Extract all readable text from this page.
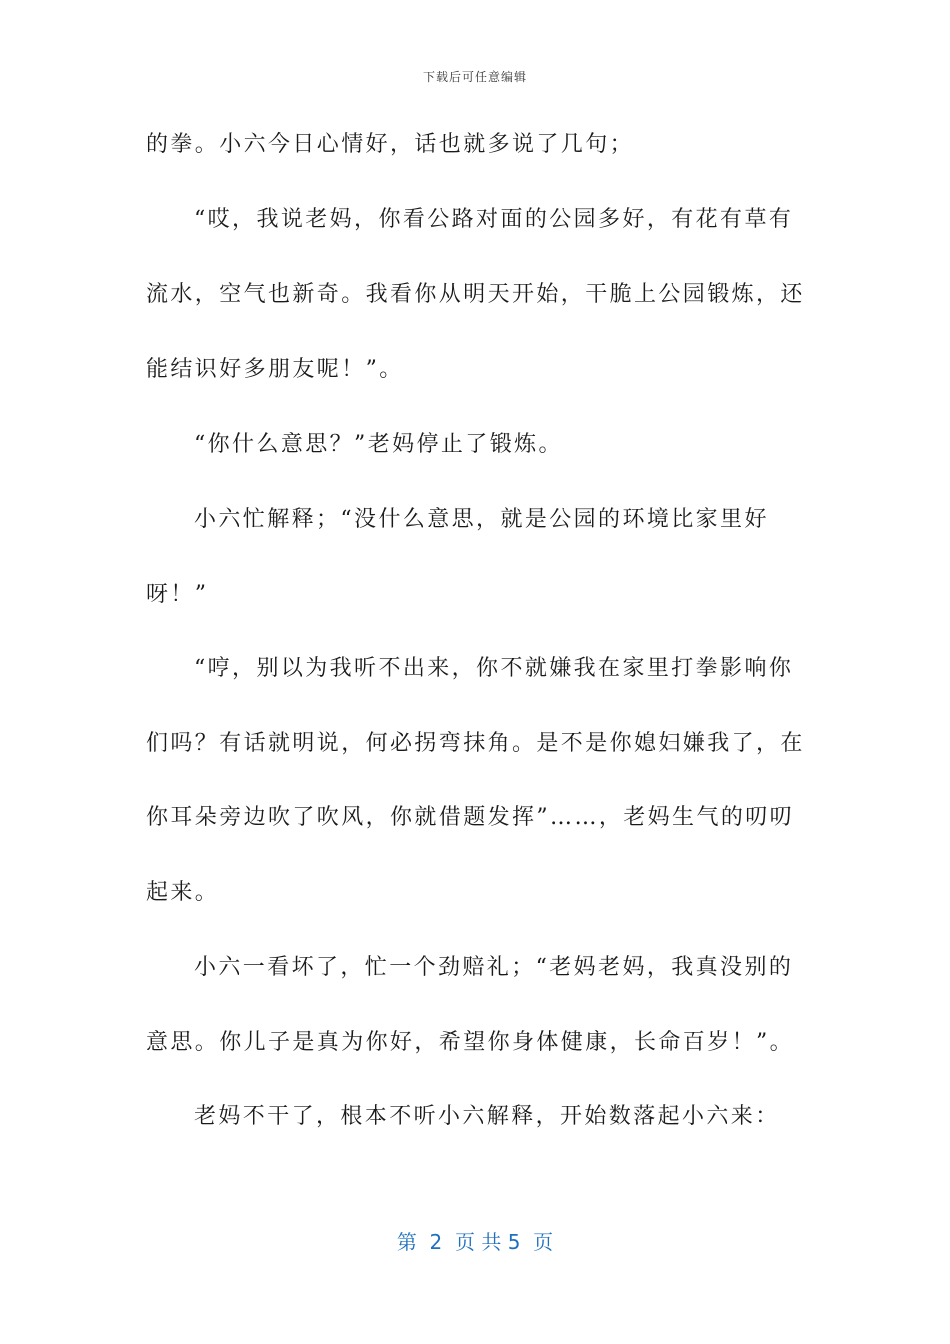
下载后可任意编辑
的拳。小六今日心情好，话也就多说了几句；
“哎，我说老妈，你看公路对面的公园多好，有花有草有
流水，空气也新奇。我看你从明天开始，干脆上公园锻炼，还
能结识好多朋友呢！”。
“你什么意思？”老妈停止了锻炼。
小六忙解释；“没什么意思，就是公园的环境比家里好
呀！”
“哼，别以为我听不出来，你不就嫌我在家里打拳影响你
们吗？有话就明说，何必拐弯抹角。是不是你媳妇嫌我了，在
你耳朵旁边吹了吹风，你就借题发挥”……，老妈生气的叨叨
起来。
小六一看坏了，忙一个劲赔礼；“老妈老妈，我真没别的
意思。你儿子是真为你好，希望你身体健康，长命百岁！”。
老妈不干了，根本不听小六解释，开始数落起小六来：
第  2  页 共 5  页
